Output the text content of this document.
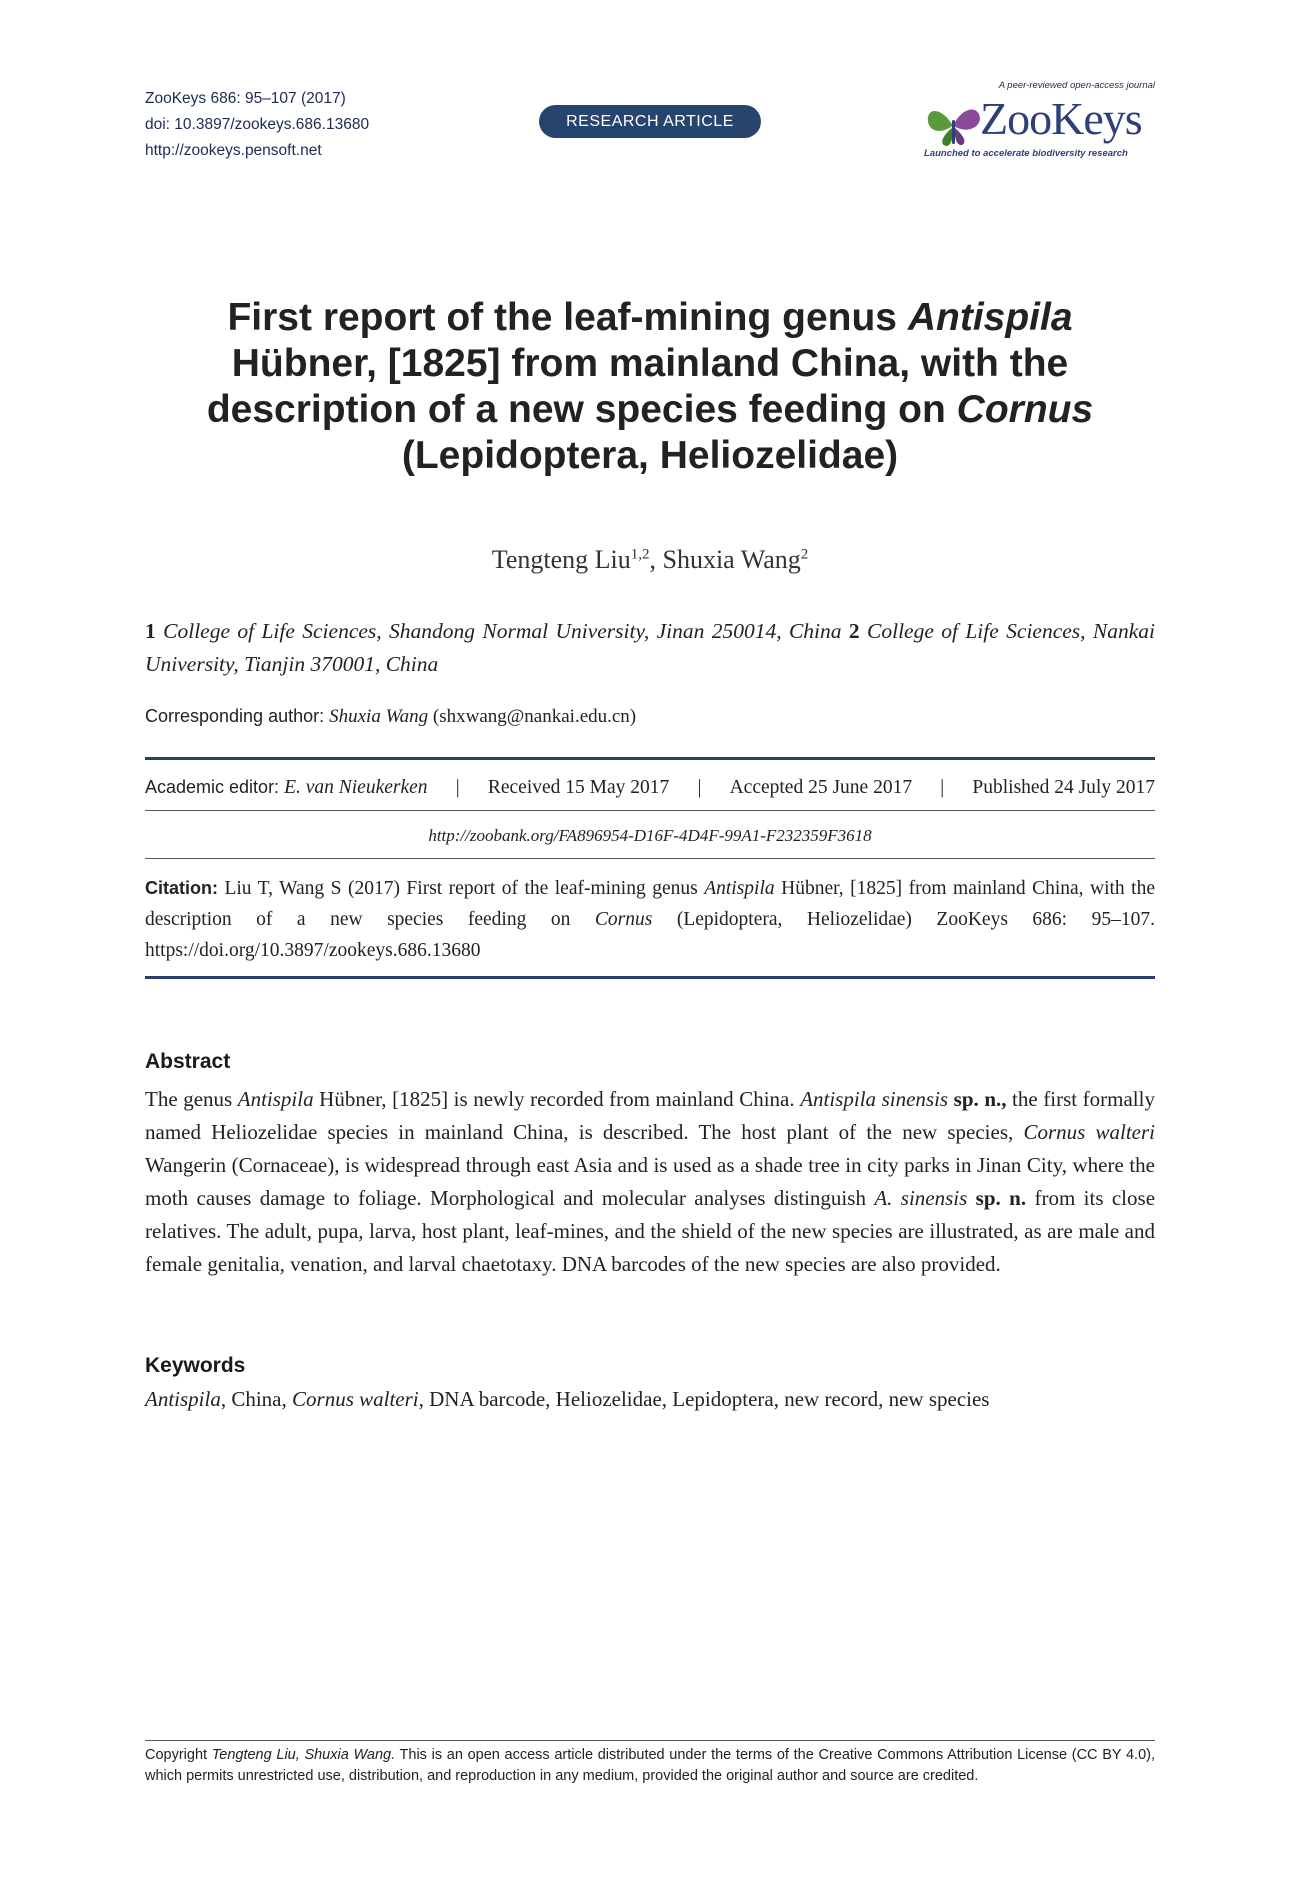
ZooKeys 686: 95–107 (2017)
doi: 10.3897/zookeys.686.13680
http://zookeys.pensoft.net
RESEARCH ARTICLE
A peer-reviewed open-access journal
ZooKeys
Launched to accelerate biodiversity research
First report of the leaf-mining genus Antispila
Hübner, [1825] from mainland China, with the
description of a new species feeding on Cornus
(Lepidoptera, Heliozelidae)
Tengteng Liu$^{1,2}$, Shuxia Wang$^2$
1 College of Life Sciences, Shandong Normal University, Jinan 250014, China 2 College of Life Sciences, Nankai University, Tianjin 370001, China
Corresponding author: Shuxia Wang (shxwang@nankai.edu.cn)
Academic editor: E. van Nieukerken | Received 15 May 2017 | Accepted 25 June 2017 | Published 24 July 2017
http://zoobank.org/FA896954-D16F-4D4F-99A1-F232359F3618
Citation: Liu T, Wang S (2017) First report of the leaf-mining genus Antispila Hübner, [1825] from mainland China, with the description of a new species feeding on Cornus (Lepidoptera, Heliozelidae) ZooKeys 686: 95–107. https://doi.org/10.3897/zookeys.686.13680
Abstract
The genus Antispila Hübner, [1825] is newly recorded from mainland China. Antispila sinensis sp. n., the first formally named Heliozelidae species in mainland China, is described. The host plant of the new species, Cornus walteri Wangerin (Cornaceae), is widespread through east Asia and is used as a shade tree in city parks in Jinan City, where the moth causes damage to foliage. Morphological and molecular analyses distinguish A. sinensis sp. n. from its close relatives. The adult, pupa, larva, host plant, leaf-mines, and the shield of the new species are illustrated, as are male and female genitalia, venation, and larval chaetotaxy. DNA barcodes of the new species are also provided.
Keywords
Antispila, China, Cornus walteri, DNA barcode, Heliozelidae, Lepidoptera, new record, new species
Copyright Tengteng Liu, Shuxia Wang. This is an open access article distributed under the terms of the Creative Commons Attribution License (CC BY 4.0), which permits unrestricted use, distribution, and reproduction in any medium, provided the original author and source are credited.
